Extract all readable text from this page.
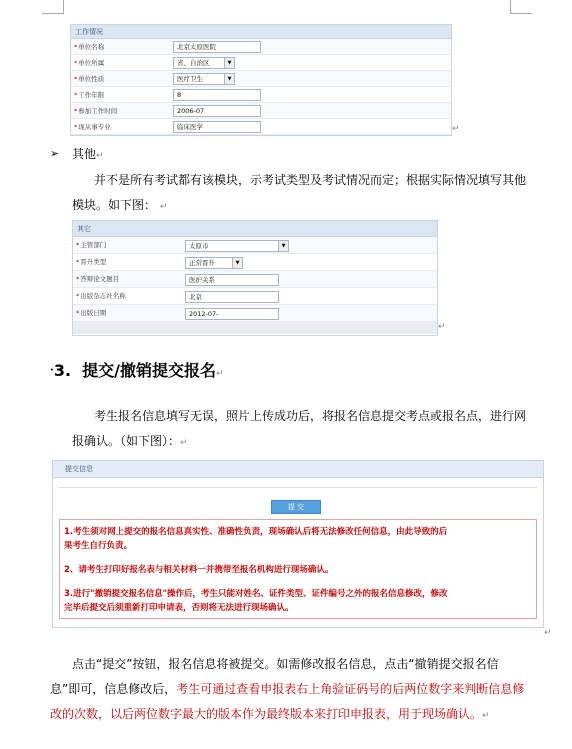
工作情况
*单位名称	北京太原医院
*单位所属	省、自治区	▼
*单位性质	医疗卫生	▼
*工作年限	8
*参加工作时间	2006-07
*现从事专业	临床医学	↵
➢ 其他↵
并不是所有考试都有该模块，示考试类型及考试情况而定；根据实际情况填写其他
模块。如下图： ↵
其它
*主管部门	太原市	▼
*晋升类型	正常晋升	▼
*答辩论文题目	医护关系
*出版杂志社名称	北京
*出版日期	2012-07-
↵
·3. 提交/撤销提交报名↵
考生报名信息填写无误，照片上传成功后，将报名信息提交考点或报名点，进行网
报确认。（如下图）：↵
提交信息
提 交
1.考生须对网上提交的报名信息真实性、准确性负责，现场确认后将无法修改任何信息，由此导致的后
果考生自行负责。
2、请考生打印好报名表与相关材料一并携带至报名机构进行现场确认。
3.进行"撤销提交报名信息"操作后，考生只能对姓名、证件类型、证件编号之外的报名信息修改，修改
完毕后提交后须重新打印申请表，否则将无法进行现场确认。
↵
点击“提交”按钮，报名信息将被提交。如需修改报名信息，点击“撤销提交报名信
息”即可，信息修改后，考生可通过查看申报表右上角验证码号的后两位数字来判断信息修
改的次数，以后两位数字最大的版本作为最终版本来打印申报表，用于现场确认。↵
